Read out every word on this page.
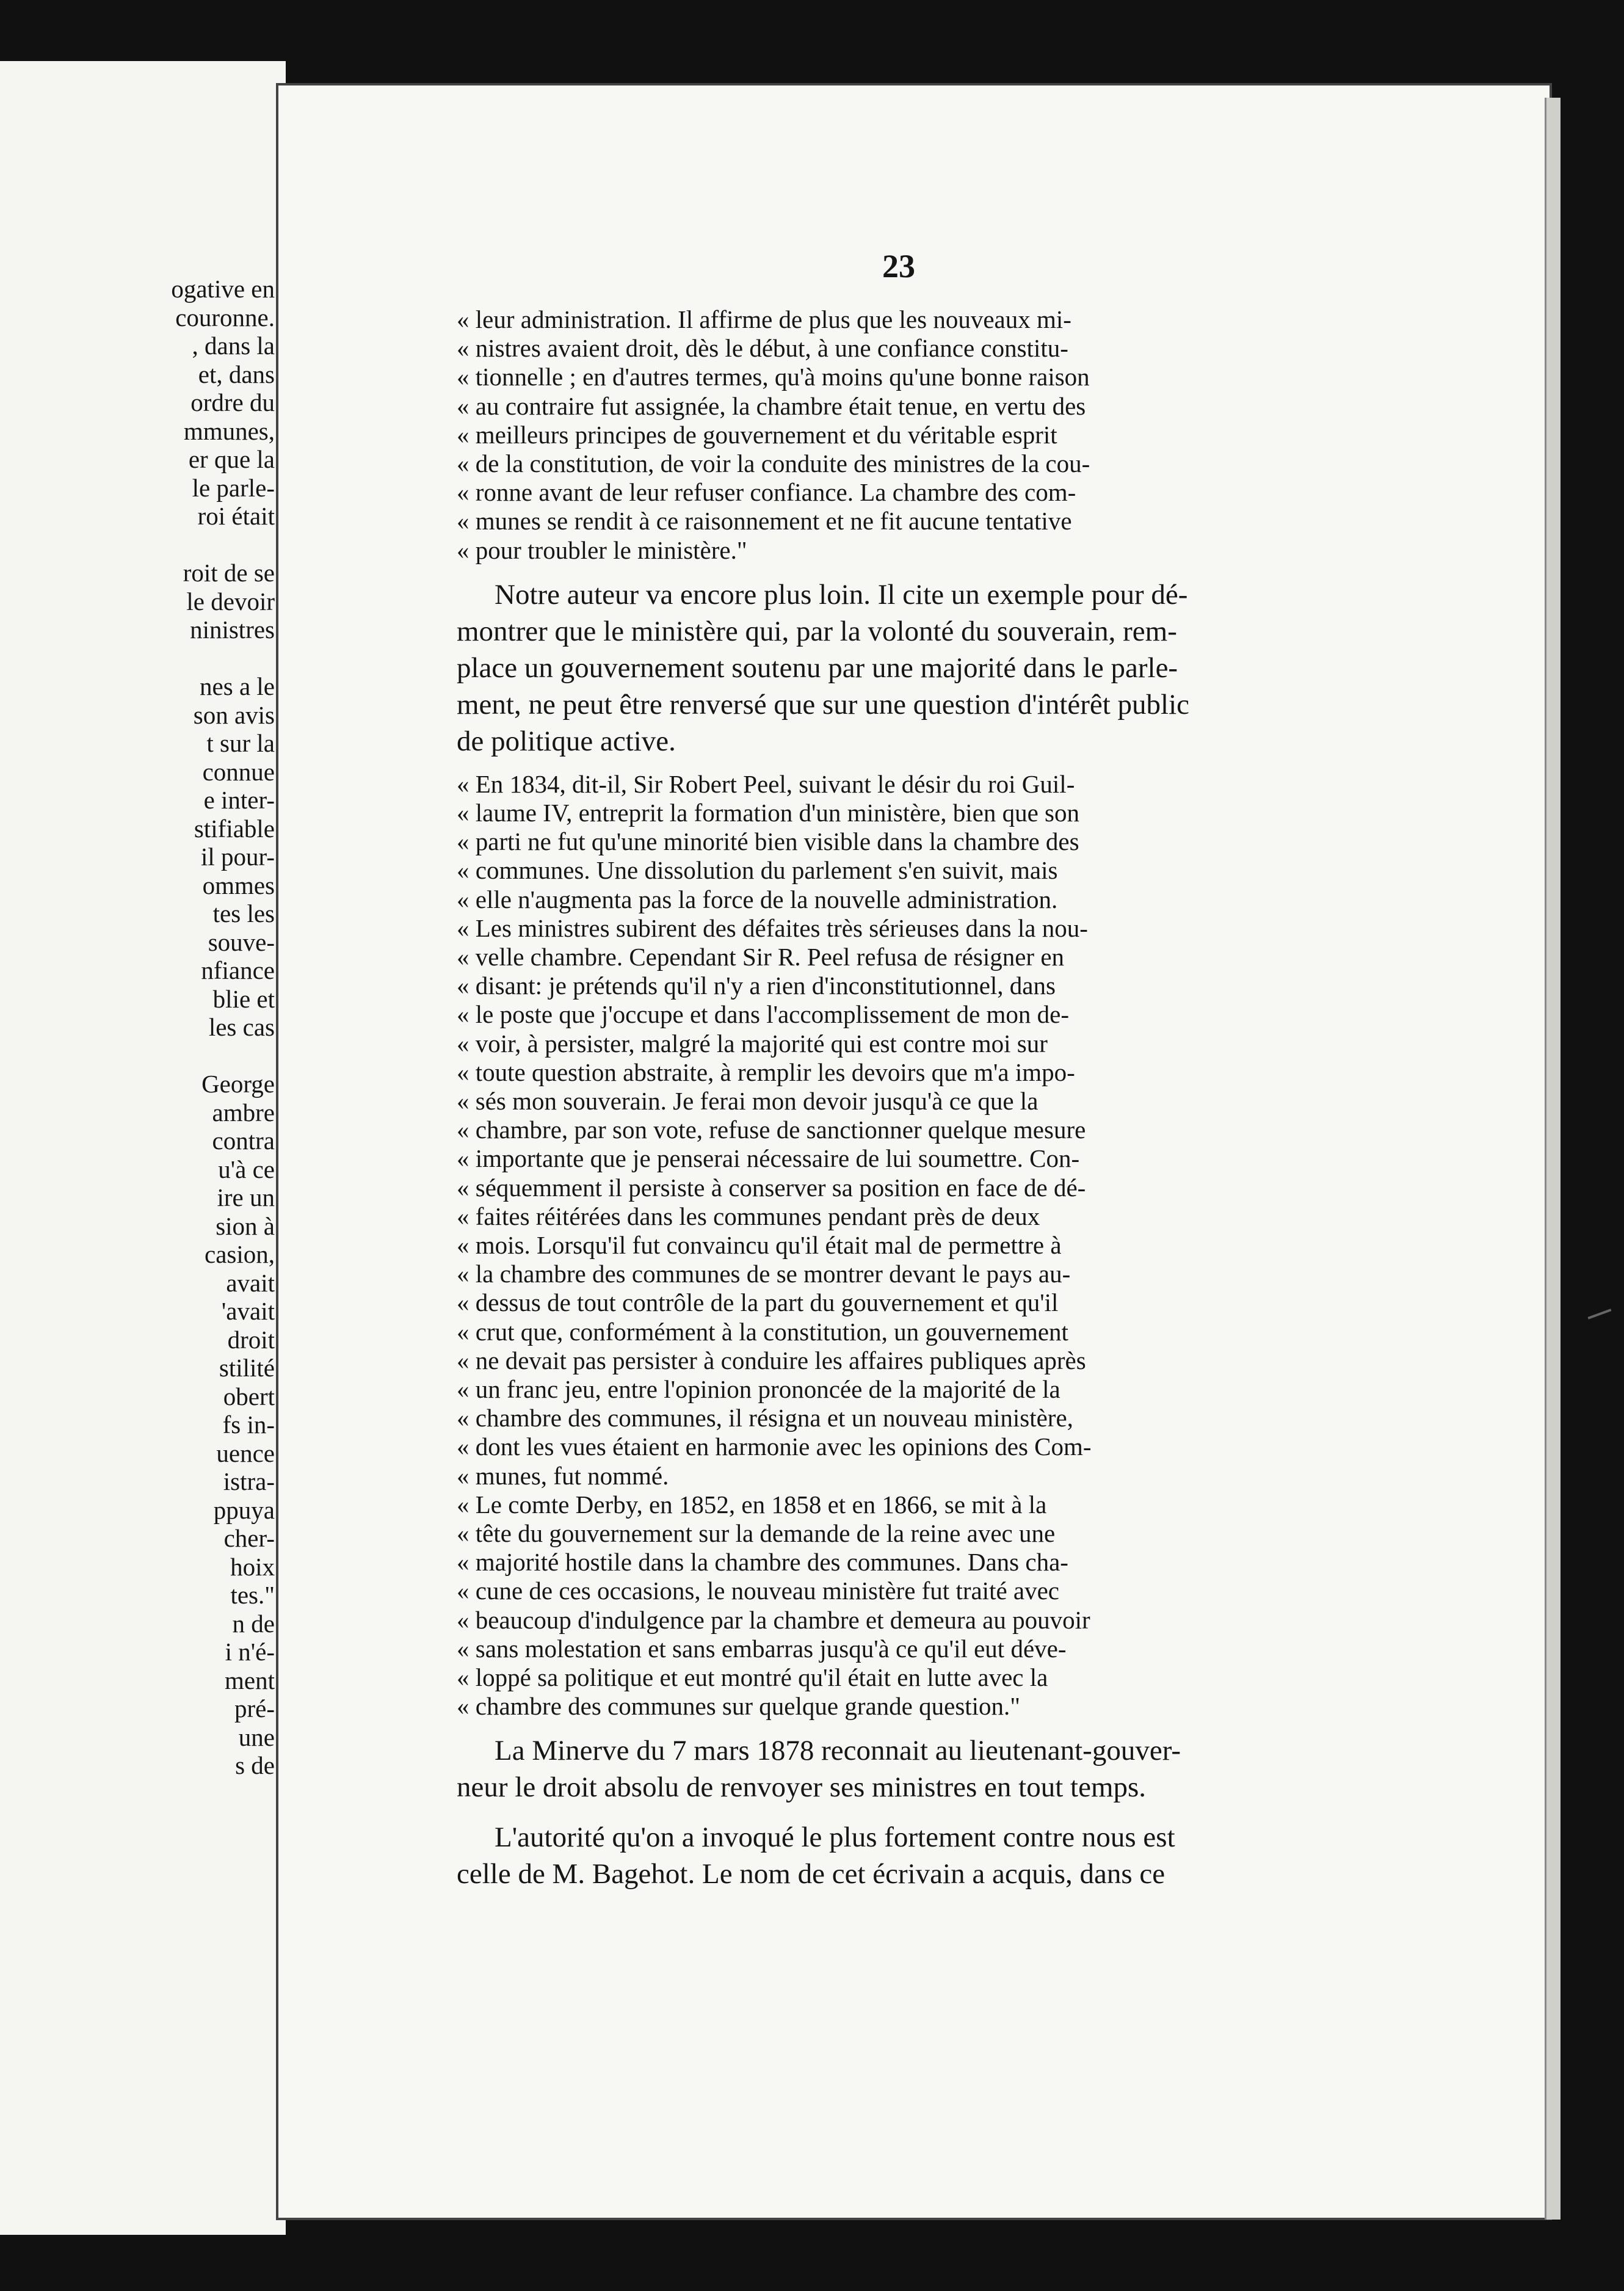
ogative en
couronne.
, dans la
et, dans
ordre du
mmunes,
er que la
le parle-
roi était
roit de se
le devoir
ninistres
nes a le
son avis
t sur la
connue
e inter-
stifiable
il pour-
ommes
tes les
souve-
nfiance
blie et
les cas
George
ambre
contra
u'à ce
ire un
sion à
casion,
avait
'avait
droit
stilité
obert
fs in-
uence
istra-
ppuya
cher-
hoix
tes."
n de
i n'é-
ment
pré-
une
s de
23
« leur administration. Il affirme de plus que les nouveaux mi-
« nistres avaient droit, dès le début, à une confiance constitu-
« tionnelle ; en d'autres termes, qu'à moins qu'une bonne raison
« au contraire fut assignée, la chambre était tenue, en vertu des
« meilleurs principes de gouvernement et du véritable esprit
« de la constitution, de voir la conduite des ministres de la cou-
« ronne avant de leur refuser confiance. La chambre des com-
« munes se rendit à ce raisonnement et ne fit aucune tentative
« pour troubler le ministère."
Notre auteur va encore plus loin. Il cite un exemple pour dé-
montrer que le ministère qui, par la volonté du souverain, rem-
place un gouvernement soutenu par une majorité dans le parle-
ment, ne peut être renversé que sur une question d'intérêt public
de politique active.
« En 1834, dit-il, Sir Robert Peel, suivant le désir du roi Guil-
« laume IV, entreprit la formation d'un ministère, bien que son
« parti ne fut qu'une minorité bien visible dans la chambre des
« communes. Une dissolution du parlement s'en suivit, mais
« elle n'augmenta pas la force de la nouvelle administration.
« Les ministres subirent des défaites très sérieuses dans la nou-
« velle chambre. Cependant Sir R. Peel refusa de résigner en
« disant: je prétends qu'il n'y a rien d'inconstitutionnel, dans
« le poste que j'occupe et dans l'accomplissement de mon de-
« voir, à persister, malgré la majorité qui est contre moi sur
« toute question abstraite, à remplir les devoirs que m'a impo-
« sés mon souverain. Je ferai mon devoir jusqu'à ce que la
« chambre, par son vote, refuse de sanctionner quelque mesure
« importante que je penserai nécessaire de lui soumettre. Con-
« séquemment il persiste à conserver sa position en face de dé-
« faites réitérées dans les communes pendant près de deux
« mois. Lorsqu'il fut convaincu qu'il était mal de permettre à
« la chambre des communes de se montrer devant le pays au-
« dessus de tout contrôle de la part du gouvernement et qu'il
« crut que, conformément à la constitution, un gouvernement
« ne devait pas persister à conduire les affaires publiques après
« un franc jeu, entre l'opinion prononcée de la majorité de la
« chambre des communes, il résigna et un nouveau ministère,
« dont les vues étaient en harmonie avec les opinions des Com-
« munes, fut nommé.
« Le comte Derby, en 1852, en 1858 et en 1866, se mit à la
« tête du gouvernement sur la demande de la reine avec une
« majorité hostile dans la chambre des communes. Dans cha-
« cune de ces occasions, le nouveau ministère fut traité avec
« beaucoup d'indulgence par la chambre et demeura au pouvoir
« sans molestation et sans embarras jusqu'à ce qu'il eut déve-
« loppé sa politique et eut montré qu'il était en lutte avec la
« chambre des communes sur quelque grande question."
La Minerve du 7 mars 1878 reconnait au lieutenant-gouver-
neur le droit absolu de renvoyer ses ministres en tout temps.
L'autorité qu'on a invoqué le plus fortement contre nous est
celle de M. Bagehot. Le nom de cet écrivain a acquis, dans ce
